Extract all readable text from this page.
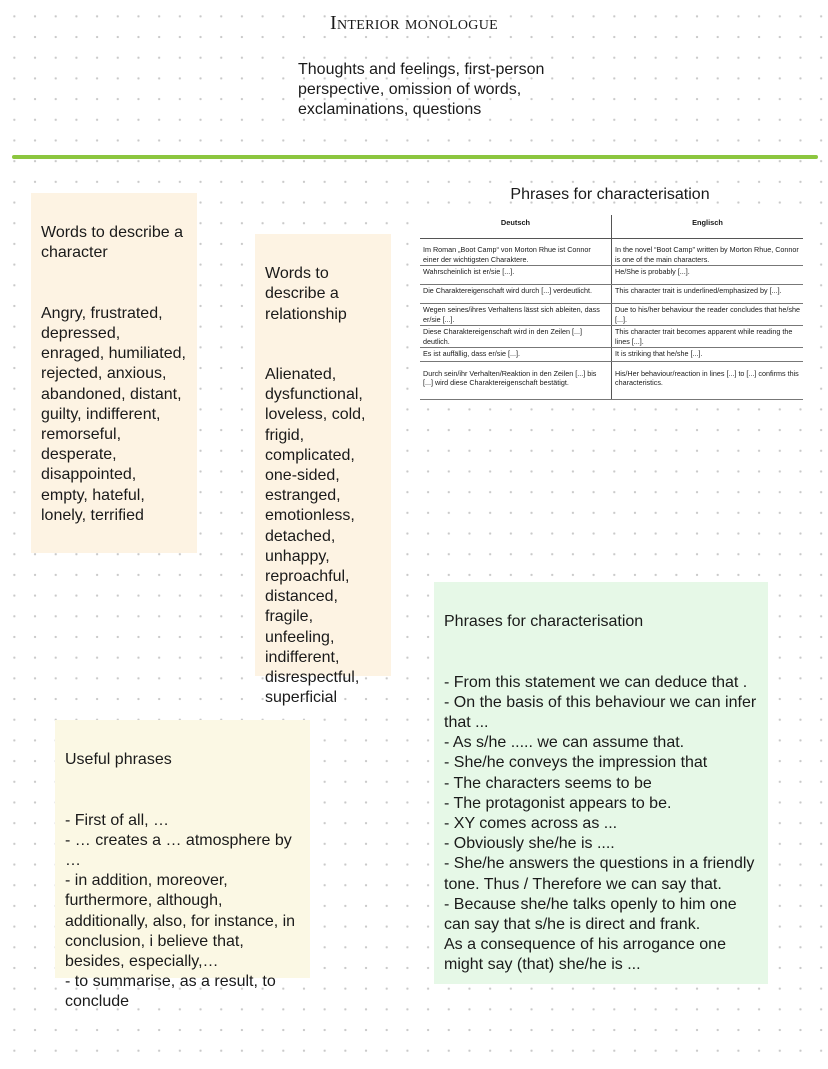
Interior monologue
Thoughts and feelings, first-person perspective, omission of words, exclaminations, questions

Words to describe a character

Angry, frustrated, depressed, enraged, humiliated, rejected, anxious, abandoned, distant, guilty, indifferent, remorseful, desperate, disappointed, empty, hateful, lonely, terrified

Words to describe a relationship

Alienated, dysfunctional, loveless, cold, frigid, complicated, one-sided, estranged, emotionless, detached, unhappy, reproachful, distanced, fragile, unfeeling, indifferent, disrespectful, superficial

Phrases for characterisation
Deutsch	Englisch

Im Roman „Boot Camp“ von Morton Rhue ist Connor einer der wichtigsten Charaktere.	In the novel “Boot Camp” written by Morton Rhue, Connor is one of the main characters.
Wahrscheinlich ist er/sie [...].	He/She is probably [...].
Die Charaktereigenschaft wird durch [...] verdeutlicht.	This character trait is underlined/emphasized by [...].
Wegen seines/ihres Verhaltens lässt sich ableiten, dass er/sie [...].	Due to his/her behaviour the reader concludes that he/she [...].
Diese Charaktereigenschaft wird in den Zeilen [...] deutlich.	This character trait becomes apparent while reading the lines [...].
Es ist auffällig, dass er/sie [...].	It is striking that he/she [...].

Durch sein/ihr Verhalten/Reaktion in den Zeilen [...] bis [...] wird diese Charaktereigenschaft bestätigt.	His/Her behaviour/reaction in lines [...] to [...] confirms this characteristics.

Useful phrases

- First of all, …
- … creates a … atmosphere by …
- in addition, moreover, furthermore, although, additionally, also, for instance, in conclusion, i believe that, besides, especially,…
- to summarise, as a result, to conclude

Phrases for characterisation

- From this statement we can deduce that .
- On the basis of this behaviour we can infer that ...
- As s/he ..... we can assume that.
- She/he conveys the impression that
- The characters seems to be
- The protagonist appears to be.
- XY comes across as ...
- Obviously she/he is ....
- She/he answers the questions in a friendly tone. Thus / Therefore we can say that.
- Because she/he talks openly to him one can say that s/he is direct and frank.
As a consequence of his arrogance one might say (that) she/he is ...
